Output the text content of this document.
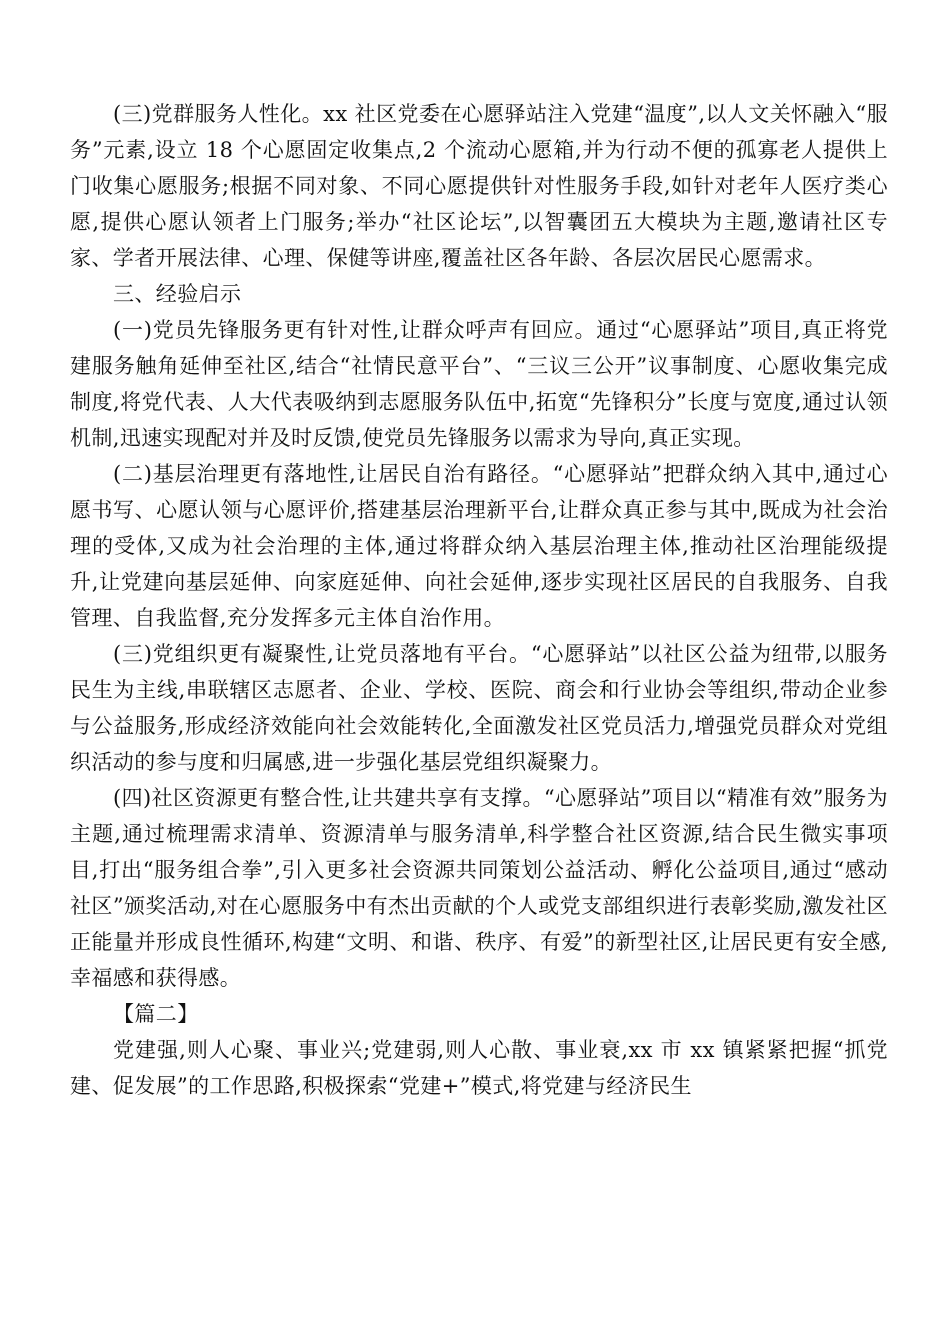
(三)党群服务人性化。xx 社区党委在心愿驿站注入党建“温度”,以人文关怀融入“服务”元素,设立 18 个心愿固定收集点,2 个流动心愿箱,并为行动不便的孤寡老人提供上门收集心愿服务;根据不同对象、不同心愿提供针对性服务手段,如针对老年人医疗类心愿,提供心愿认领者上门服务;举办“社区论坛”,以智囊团五大模块为主题,邀请社区专家、学者开展法律、心理、保健等讲座,覆盖社区各年龄、各层次居民心愿需求。

三、经验启示

(一)党员先锋服务更有针对性,让群众呼声有回应。通过“心愿驿站”项目,真正将党建服务触角延伸至社区,结合“社情民意平台”、“三议三公开”议事制度、心愿收集完成制度,将党代表、人大代表吸纳到志愿服务队伍中,拓宽“先锋积分”长度与宽度,通过认领机制,迅速实现配对并及时反馈,使党员先锋服务以需求为导向,真正实现。

(二)基层治理更有落地性,让居民自治有路径。“心愿驿站”把群众纳入其中,通过心愿书写、心愿认领与心愿评价,搭建基层治理新平台,让群众真正参与其中,既成为社会治理的受体,又成为社会治理的主体,通过将群众纳入基层治理主体,推动社区治理能级提升,让党建向基层延伸、向家庭延伸、向社会延伸,逐步实现社区居民的自我服务、自我管理、自我监督,充分发挥多元主体自治作用。

(三)党组织更有凝聚性,让党员落地有平台。“心愿驿站”以社区公益为纽带,以服务民生为主线,串联辖区志愿者、企业、学校、医院、商会和行业协会等组织,带动企业参与公益服务,形成经济效能向社会效能转化,全面激发社区党员活力,增强党员群众对党组织活动的参与度和归属感,进一步强化基层党组织凝聚力。

(四)社区资源更有整合性,让共建共享有支撑。“心愿驿站”项目以“精准有效”服务为主题,通过梳理需求清单、资源清单与服务清单,科学整合社区资源,结合民生微实事项目,打出“服务组合拳”,引入更多社会资源共同策划公益活动、孵化公益项目,通过“感动社区”颁奖活动,对在心愿服务中有杰出贡献的个人或党支部组织进行表彰奖励,激发社区正能量并形成良性循环,构建“文明、和谐、秩序、有爱”的新型社区,让居民更有安全感,幸福感和获得感。

【篇二】

党建强,则人心聚、事业兴;党建弱,则人心散、事业衰,xx 市 xx 镇紧紧把握“抓党建、促发展”的工作思路,积极探索“党建+”模式,将党建与经济民生
